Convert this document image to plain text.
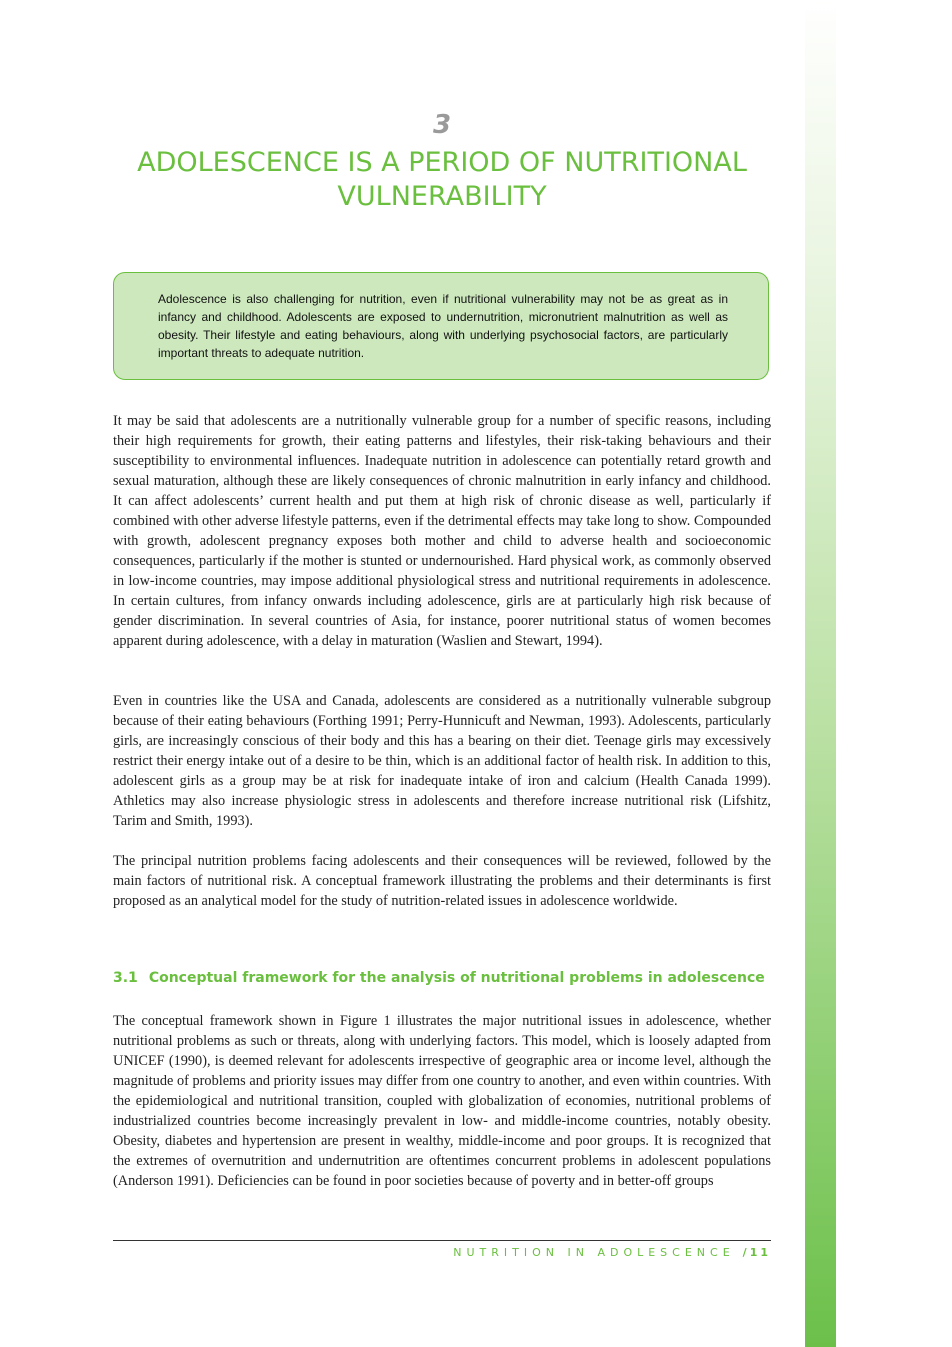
3
ADOLESCENCE IS A PERIOD OF NUTRITIONAL
VULNERABILITY
Adolescence is also challenging for nutrition, even if nutritional vulnerability may not be as great as in infancy and childhood. Adolescents are exposed to undernutrition, micronutrient malnutrition as well as obesity. Their lifestyle and eating behaviours, along with underlying psychosocial factors, are particularly important threats to adequate nutrition.

It may be said that adolescents are a nutritionally vulnerable group for a number of specific reasons, including their high requirements for growth, their eating patterns and lifestyles, their risk-taking behaviours and their susceptibility to environmental influences. Inadequate nutrition in adolescence can potentially retard growth and sexual maturation, although these are likely consequences of chronic malnutrition in early infancy and childhood. It can affect adolescents’ current health and put them at high risk of chronic disease as well, particularly if combined with other adverse lifestyle patterns, even if the detrimental effects may take long to show. Compounded with growth, adolescent pregnancy exposes both mother and child to adverse health and socioeconomic consequences, particularly if the mother is stunted or undernourished. Hard physical work, as commonly observed in low-income countries, may impose additional physiological stress and nutritional requirements in adolescence. In certain cultures, from infancy onwards including adolescence, girls are at particularly high risk because of gender discrimination. In several countries of Asia, for instance, poorer nutritional status of women becomes apparent during adolescence, with a delay in maturation (Waslien and Stewart, 1994).

Even in countries like the USA and Canada, adolescents are considered as a nutritionally vulnerable subgroup because of their eating behaviours (Forthing 1991; Perry-Hunnicuft and Newman, 1993). Adolescents, particularly girls, are increasingly conscious of their body and this has a bearing on their diet. Teenage girls may excessively restrict their energy intake out of a desire to be thin, which is an additional factor of health risk. In addition to this, adolescent girls as a group may be at risk for inadequate intake of iron and calcium (Health Canada 1999). Athletics may also increase physiologic stress in adolescents and therefore increase nutritional risk (Lifshitz, Tarim and Smith, 1993).

The principal nutrition problems facing adolescents and their consequences will be reviewed, followed by the main factors of nutritional risk. A conceptual framework illustrating the problems and their determinants is first proposed as an analytical model for the study of nutrition-related issues in adolescence worldwide.

3.1 Conceptual framework for the analysis of nutritional problems in adolescence

The conceptual framework shown in Figure 1 illustrates the major nutritional issues in adolescence, whether nutritional problems as such or threats, along with underlying factors. This model, which is loosely adapted from UNICEF (1990), is deemed relevant for adolescents irrespective of geographic area or income level, although the magnitude of problems and priority issues may differ from one country to another, and even within countries. With the epidemiological and nutritional transition, coupled with globalization of economies, nutritional problems of industrialized countries become increasingly prevalent in low- and middle-income countries, notably obesity. Obesity, diabetes and hypertension are present in wealthy, middle-income and poor groups. It is recognized that the extremes of overnutrition and undernutrition are oftentimes concurrent problems in adolescent populations (Anderson 1991). Deficiencies can be found in poor societies because of poverty and in better-off groups

NUTRITION IN ADOLESCENCE /11
